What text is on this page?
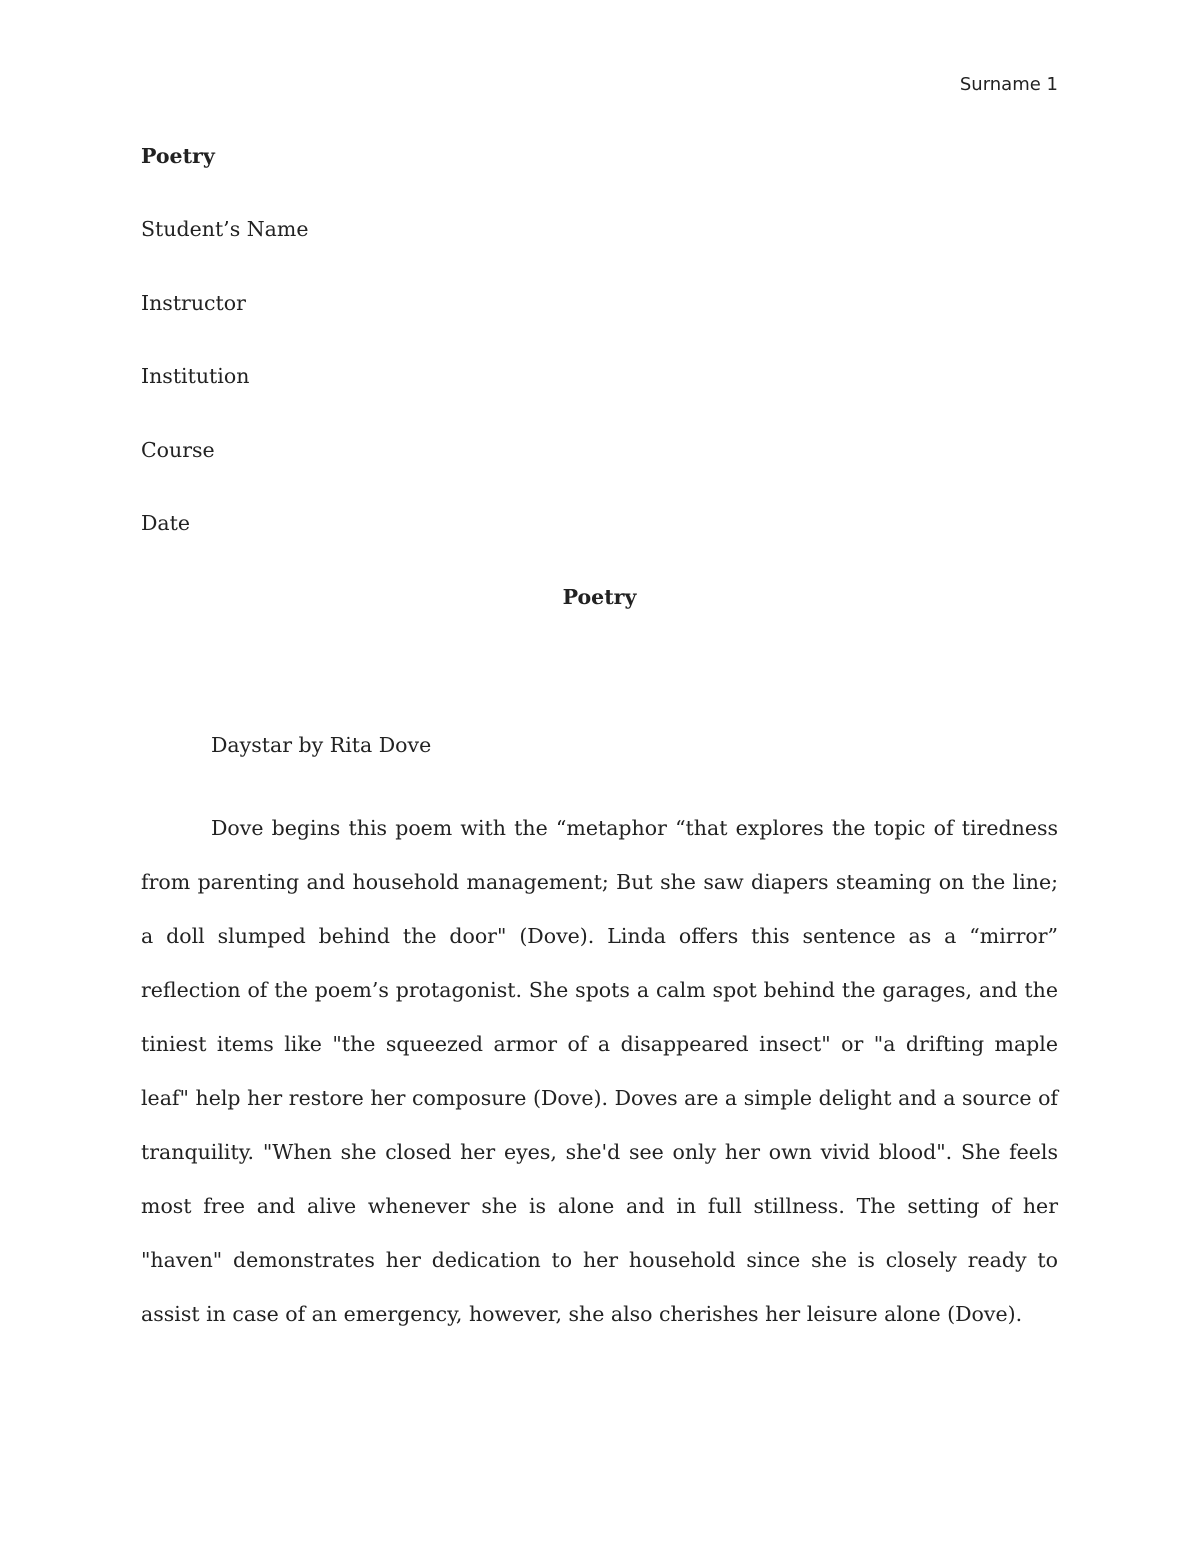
Surname 1
Poetry
Student’s Name
Instructor
Institution
Course
Date
Poetry
Daystar by Rita Dove

Dove begins this poem with the “metaphor “that explores the topic of tiredness from parenting and household management; But she saw diapers steaming on the line; a doll slumped behind the door" (Dove). Linda offers this sentence as a “mirror” reflection of the poem’s protagonist. She spots a calm spot behind the garages, and the tiniest items like "the squeezed armor of a disappeared insect" or "a drifting maple leaf" help her restore her composure (Dove). Doves are a simple delight and a source of tranquility. "When she closed her eyes, she'd see only her own vivid blood". She feels most free and alive whenever she is alone and in full stillness. The setting of her "haven" demonstrates her dedication to her household since she is closely ready to assist in case of an emergency, however, she also cherishes her leisure alone (Dove).
